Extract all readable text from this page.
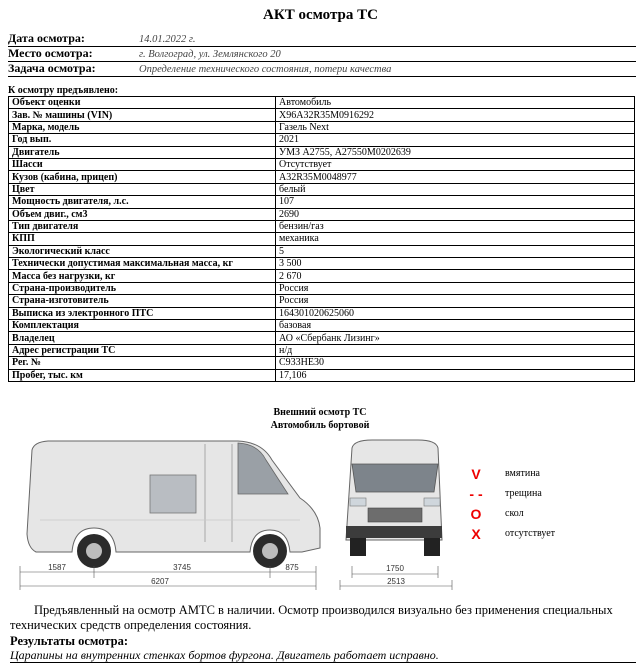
АКТ осмотра ТС
Дата осмотра:	14.01.2022 г.
Место осмотра:	г. Волгоград, ул. Землянского 20
Задача осмотра:	Определение технического состояния, потери качества
К осмотру предъявлено:
Объект оценки	Автомобиль
Зав. № машины (VIN)	X96A32R35M0916292
Марка, модель	Газель Next
Год вып.	2021
Двигатель	УМЗ А2755, А27550М0202639
Шасси	Отсутствует
Кузов (кабина, прицеп)	A32R35M0048977
Цвет	белый
Мощность двигателя, л.с.	107
Объем двиг., см3	2690
Тип двигателя	бензин/газ
КПП	механика
Экологический класс	5
Технически допустимая максимальная масса, кг	3 500
Масса без нагрузки, кг	2 670
Страна-производитель	Россия
Страна-изготовитель	Россия
Выписка из электронного ПТС	164301020625060
Комплектация	базовая
Владелец	АО «Сбербанк Лизинг»
Адрес регистрации ТС	н/д
Рег. №	С933НЕ30
Пробег, тыс. км	17,106
Внешний осмотр ТС
Автомобиль бортовой
1587	3745	875
6207
1750
2513
V	вмятина
- -	трещина
O	скол
X	отсутствует
Предъявленный на осмотр АМТС в наличии. Осмотр производился визуально без применения специальных технических средств определения состояния.
Результаты осмотра:
Царапины на внутренних стенках бортов фургона. Двигатель работает исправно.
